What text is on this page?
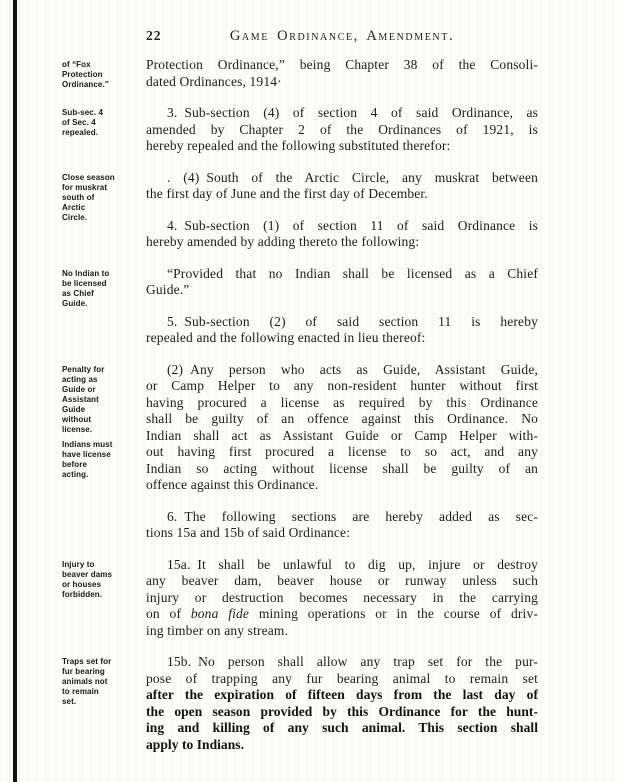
22	Game Ordinance, Amendment.
of “Fox
Protection
Ordinance.”
Protection Ordinance,” being Chapter 38 of the Consoli-
dated Ordinances, 1914·
Sub-sec. 4
of Sec. 4
repealed.
3. Sub-section (4) of section 4 of said Ordinance, as
amended by Chapter 2 of the Ordinances of 1921, is
hereby repealed and the following substituted therefor:
Close season
for muskrat
south of
Arctic
Circle.
. (4) South of the Arctic Circle, any muskrat between
the first day of June and the first day of December.
4. Sub-section (1) of section 11 of said Ordinance is
hereby amended by adding thereto the following:
No Indian to
be licensed
as Chief
Guide.
“Provided that no Indian shall be licensed as a Chief
Guide.”
5. Sub-section (2) of said section 11 is hereby
repealed and the following enacted in lieu thereof:
Penalty for
acting as
Guide or
Assistant
Guide
without
license.
Indians must
have license
before
acting.
(2) Any person who acts as Guide, Assistant Guide,
or Camp Helper to any non-resident hunter without first
having procured a license as required by this Ordinance
shall be guilty of an offence against this Ordinance. No
Indian shall act as Assistant Guide or Camp Helper with-
out having first procured a license to so act, and any
Indian so acting without license shall be guilty of an
offence against this Ordinance.
6. The following sections are hereby added as sec-
tions 15a and 15b of said Ordinance:
Injury to
beaver dams
or houses
forbidden.
15a. It shall be unlawful to dig up, injure or destroy
any beaver dam, beaver house or runway unless such
injury or destruction becomes necessary in the carrying
on of bona fide mining operations or in the course of driv-
ing timber on any stream.
Traps set for
fur bearing
animals not
to remain
set.
15b. No person shall allow any trap set for the pur-
pose of trapping any fur bearing animal to remain set
after the expiration of fifteen days from the last day of
the open season provided by this Ordinance for the hunt-
ing and killing of any such animal. This section shall
apply to Indians.
